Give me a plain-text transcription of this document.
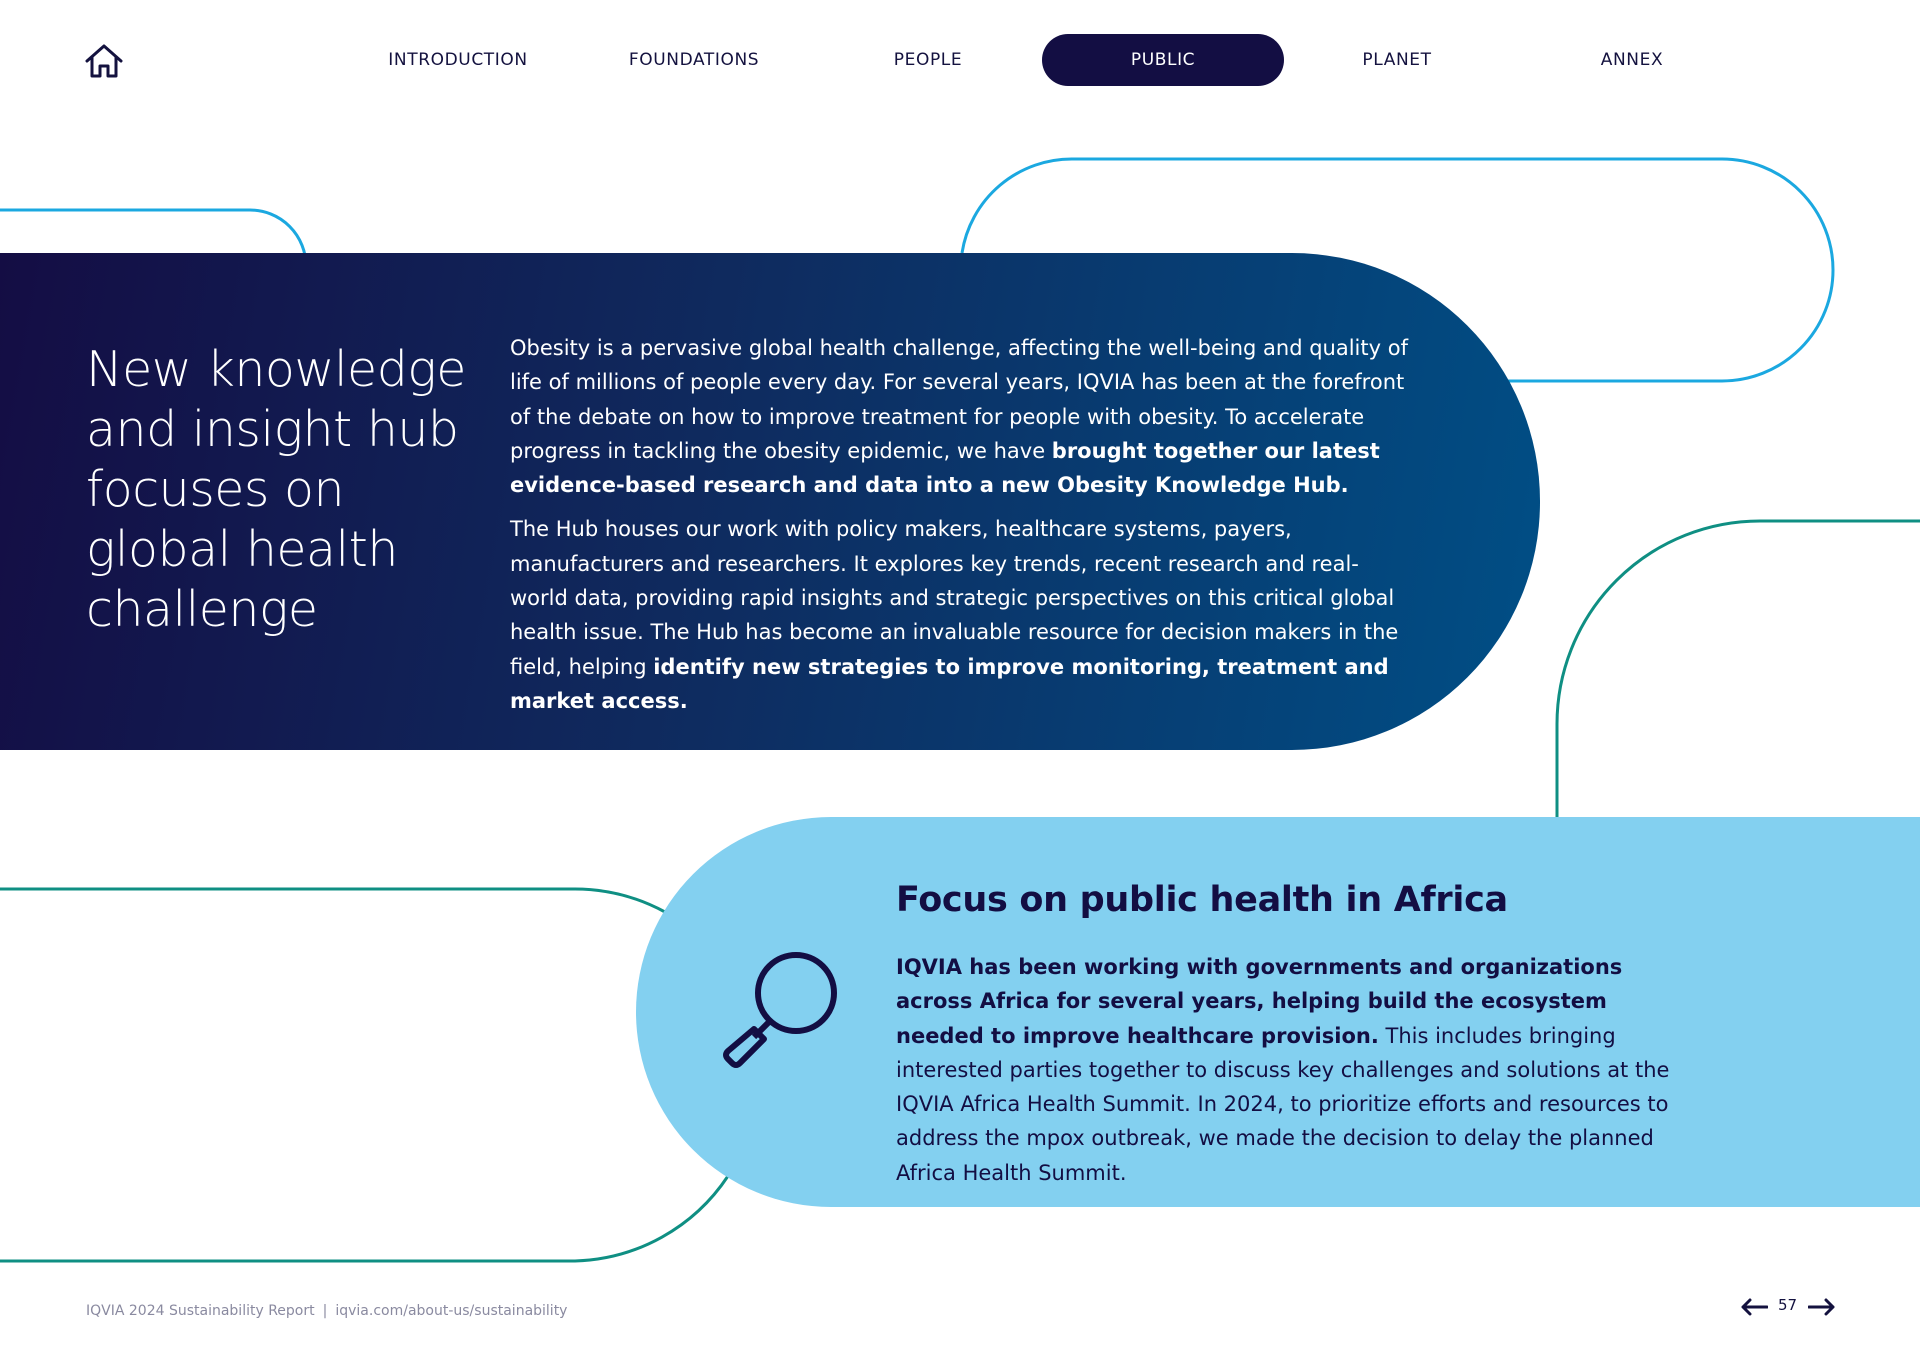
INTRODUCTION	FOUNDATIONS	PEOPLE	PUBLIC	PLANET	ANNEX
New knowledge and insight hub focuses on global health challenge

Obesity is a pervasive global health challenge, affecting the well-being and quality of life of millions of people every day. For several years, IQVIA has been at the forefront of the debate on how to improve treatment for people with obesity. To accelerate progress in tackling the obesity epidemic, we have brought together our latest evidence-based research and data into a new Obesity Knowledge Hub.

The Hub houses our work with policy makers, healthcare systems, payers, manufacturers and researchers. It explores key trends, recent research and real-world data, providing rapid insights and strategic perspectives on this critical global health issue. The Hub has become an invaluable resource for decision makers in the field, helping identify new strategies to improve monitoring, treatment and market access.

Focus on public health in Africa

IQVIA has been working with governments and organizations across Africa for several years, helping build the ecosystem needed to improve healthcare provision. This includes bringing interested parties together to discuss key challenges and solutions at the IQVIA Africa Health Summit. In 2024, to prioritize efforts and resources to address the mpox outbreak, we made the decision to delay the planned Africa Health Summit.

IQVIA 2024 Sustainability Report | iqvia.com/about-us/sustainability	57
